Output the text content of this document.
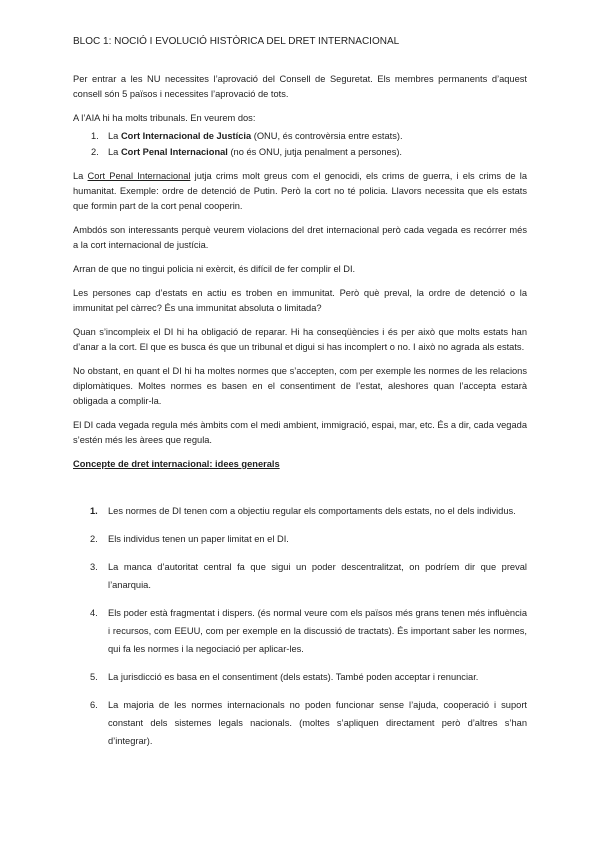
BLOC 1: NOCIÓ I EVOLUCIÓ HISTÒRICA DEL DRET INTERNACIONAL

Per entrar a les NU necessites l’aprovació del Consell de Seguretat. Els membres permanents d’aquest consell són 5 països i necessites l’aprovació de tots.

A l’AIA hi ha molts tribunals. En veurem dos:

1. La Cort Internacional de Justícia (ONU, és controvèrsia entre estats).
2. La Cort Penal Internacional (no és ONU, jutja penalment a persones).

La Cort Penal Internacional jutja crims molt greus com el genocidi, els crims de guerra, i els crims de la humanitat. Exemple: ordre de detenció de Putin. Però la cort no té policia. Llavors necessita que els estats que formin part de la cort penal cooperin.

Ambdós son interessants perquè veurem violacions del dret internacional però cada vegada es recórrer més a la cort internacional de justícia.

Arran de que no tingui policia ni exèrcit, és difícil de fer complir el DI.

Les persones cap d’estats en actiu es troben en immunitat. Però què preval, la ordre de detenció o la immunitat pel càrrec? És una immunitat absoluta o limitada?

Quan s’incompleix el DI hi ha obligació de reparar. Hi ha conseqüències i és per això que molts estats han d’anar a la cort. El que es busca és que un tribunal et digui si has incomplert o no. I això no agrada als estats.

No obstant, en quant el DI hi ha moltes normes que s’accepten, com per exemple les normes de les relacions diplomàtiques. Moltes normes es basen en el consentiment de l’estat, aleshores quan l’accepta estarà obligada a complir-la.

El DI cada vegada regula més àmbits com el medi ambient, immigració, espai, mar, etc. És a dir, cada vegada s’estén més les àrees que regula.

Concepte de dret internacional: idees generals

1. Les normes de DI tenen com a objectiu regular els comportaments dels estats, no el dels individus.
2. Els individus tenen un paper limitat en el DI.
3. La manca d’autoritat central fa que sigui un poder descentralitzat, on podríem dir que preval l’anarquia.
4. Els poder està fragmentat i dispers. (és normal veure com els països més grans tenen més influència i recursos, com EEUU, com per exemple en la discussió de tractats). És important saber les normes, qui fa les normes i la negociació per aplicar-les.
5. La jurisdicció es basa en el consentiment (dels estats). També poden acceptar i renunciar.
6. La majoria de les normes internacionals no poden funcionar sense l’ajuda, cooperació i suport constant dels sistemes legals nacionals. (moltes s’apliquen directament però d’altres s’han d’integrar).
